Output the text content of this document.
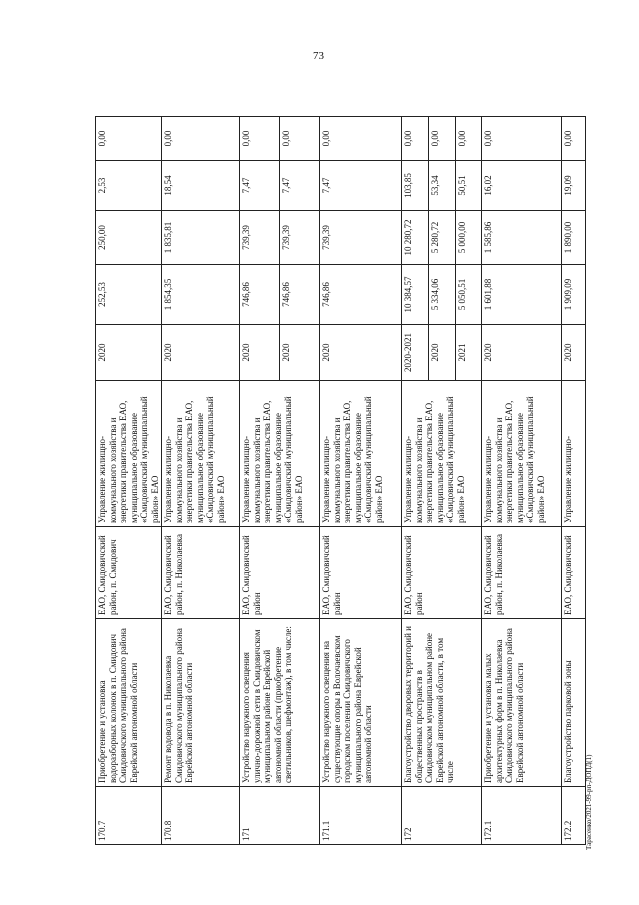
73
170.7	Приобретение и установка водоразборных колонок в п. Смидович Смидовичского муниципального района Еврейской автономной области	ЕАО, Смидовичский район, п. Смидович	Управление жилищно-коммунального хозяйства и энергетики правительства ЕАО, муниципальное образование «Смидовичский муниципальный район» ЕАО	2020	252,53	250,00	2,53	0,00
170.8	Ремонт водовода в п. Николаевка Смидовичского муниципального района Еврейской автономной области	ЕАО, Смидовичский район, п. Николаевка	Управление жилищно-коммунального хозяйства и энергетики правительства ЕАО, муниципальное образование «Смидовичский муниципальный район» ЕАО	2020	1 854,35	1 835,81	18,54	0,00
171	Устройство наружного освещения улично-дорожной сети в Смидовичском муниципальном районе Еврейской автономной области (приобретение светильников, шефмонтаж), в том числе:	ЕАО, Смидовичский район	Управление жилищно-коммунального хозяйства и энергетики правительства ЕАО, муниципальное образование «Смидовичский муниципальный район» ЕАО	2020	746,86	739,39	7,47	0,00
				2020	746,86	739,39	7,47	0,00
171.1	Устройство наружного освещения на существующие опоры в Волочаевском городском поселении Смидовичского муниципального района Еврейской автономной области	ЕАО, Смидовичский район	Управление жилищно-коммунального хозяйства и энергетики правительства ЕАО, муниципальное образование «Смидовичский муниципальный район» ЕАО	2020	746,86	739,39	7,47	0,00
172	Благоустройство дворовых территорий и общественных пространств в Смидовичском муниципальном районе Еврейской автономной области, в том числе	ЕАО, Смидовичский район	Управление жилищно-коммунального хозяйства и энергетики правительства ЕАО, муниципальное образование «Смидовичский муниципальный район» ЕАО	2020-2021	10 384,57	10 280,72	103,85	0,00
				2020	5 334,06	5 280,72	53,34	0,00
				2021	5 050,51	5 000,00	50,51	0,00
172.1	Приобретение и установка малых архитектурных форм в п. Николаевка Смидовичского муниципального района Еврейской автономной области	ЕАО, Смидовичский район, п. Николаевка	Управление жилищно-коммунального хозяйства и энергетики правительства ЕАО, муниципальное образование «Смидовичский муниципальный район» ЕАО	2020	1 601,88	1 585,86	16,02	0,00
172.2	Благоустройство парковой зоны	ЕАО, Смидовичский	Управление жилищно-	2020	1 909,09	1 890,00	19,09	0,00
Тарасенко/2021-99-рп-ДОПД(1)
